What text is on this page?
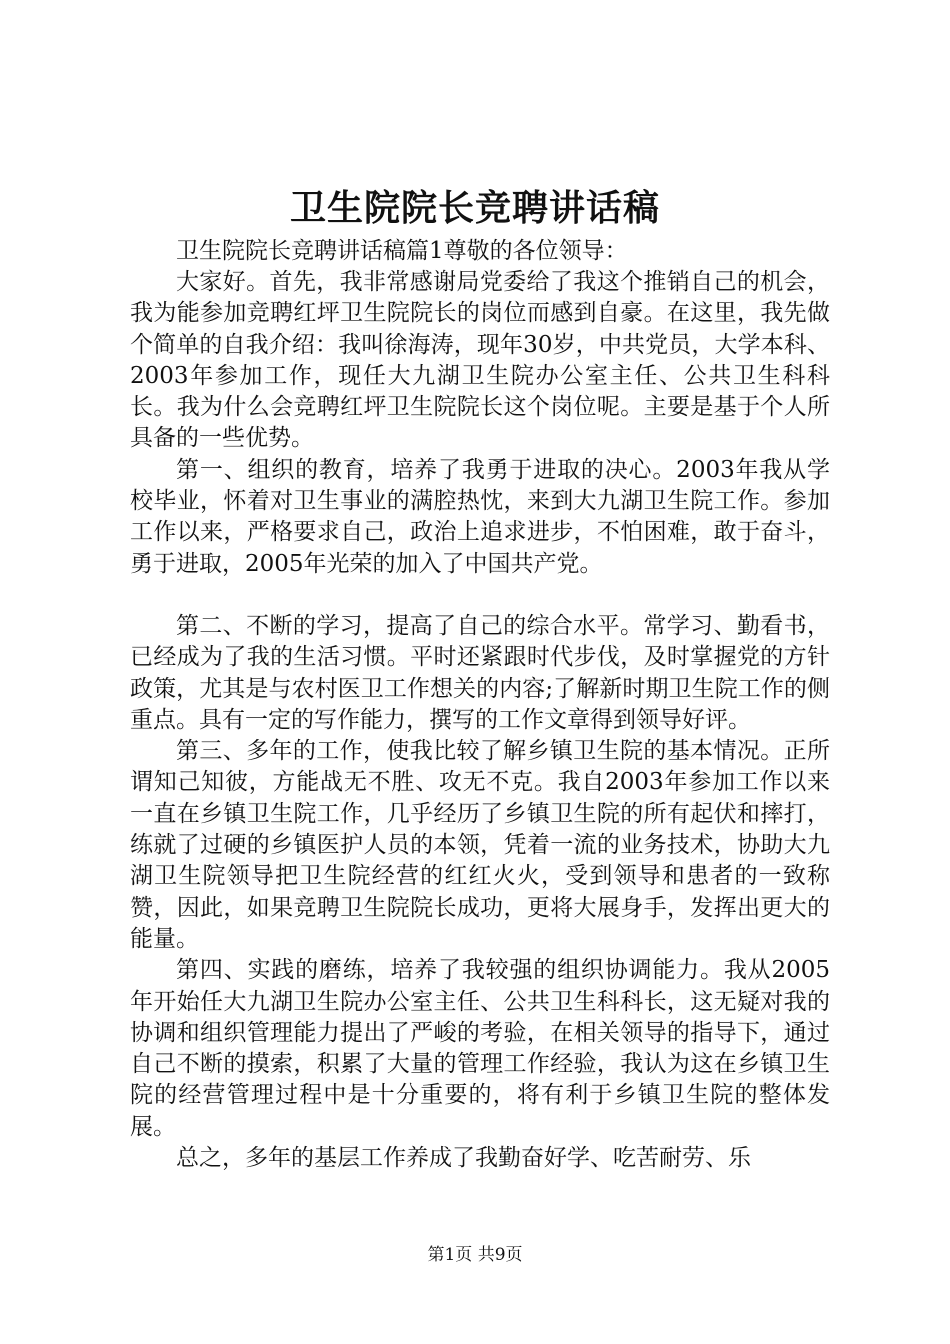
卫生院院长竞聘讲话稿

卫生院院长竞聘讲话稿篇1尊敬的各位领导：

大家好。首先，我非常感谢局党委给了我这个推销自己的机会，我为能参加竞聘红坪卫生院院长的岗位而感到自豪。在这里，我先做个简单的自我介绍：我叫徐海涛，现年30岁，中共党员，大学本科、2003年参加工作，现任大九湖卫生院办公室主任、公共卫生科科长。我为什么会竞聘红坪卫生院院长这个岗位呢。主要是基于个人所具备的一些优势。

第一、组织的教育，培养了我勇于进取的决心。2003年我从学校毕业，怀着对卫生事业的满腔热忱，来到大九湖卫生院工作。参加工作以来，严格要求自己，政治上追求进步，不怕困难，敢于奋斗，勇于进取，2005年光荣的加入了中国共产党。

第二、不断的学习，提高了自己的综合水平。常学习、勤看书，已经成为了我的生活习惯。平时还紧跟时代步伐，及时掌握党的方针政策，尤其是与农村医卫工作想关的内容;了解新时期卫生院工作的侧重点。具有一定的写作能力，撰写的工作文章得到领导好评。

第三、多年的工作，使我比较了解乡镇卫生院的基本情况。正所谓知己知彼，方能战无不胜、攻无不克。我自2003年参加工作以来一直在乡镇卫生院工作，几乎经历了乡镇卫生院的所有起伏和摔打，练就了过硬的乡镇医护人员的本领，凭着一流的业务技术，协助大九湖卫生院领导把卫生院经营的红红火火，受到领导和患者的一致称赞，因此，如果竞聘卫生院院长成功，更将大展身手，发挥出更大的能量。

第四、实践的磨练，培养了我较强的组织协调能力。我从2005年开始任大九湖卫生院办公室主任、公共卫生科科长，这无疑对我的协调和组织管理能力提出了严峻的考验，在相关领导的指导下，通过自己不断的摸索，积累了大量的管理工作经验，我认为这在乡镇卫生院的经营管理过程中是十分重要的，将有利于乡镇卫生院的整体发展。

总之，多年的基层工作养成了我勤奋好学、吃苦耐劳、乐

第1页 共9页
